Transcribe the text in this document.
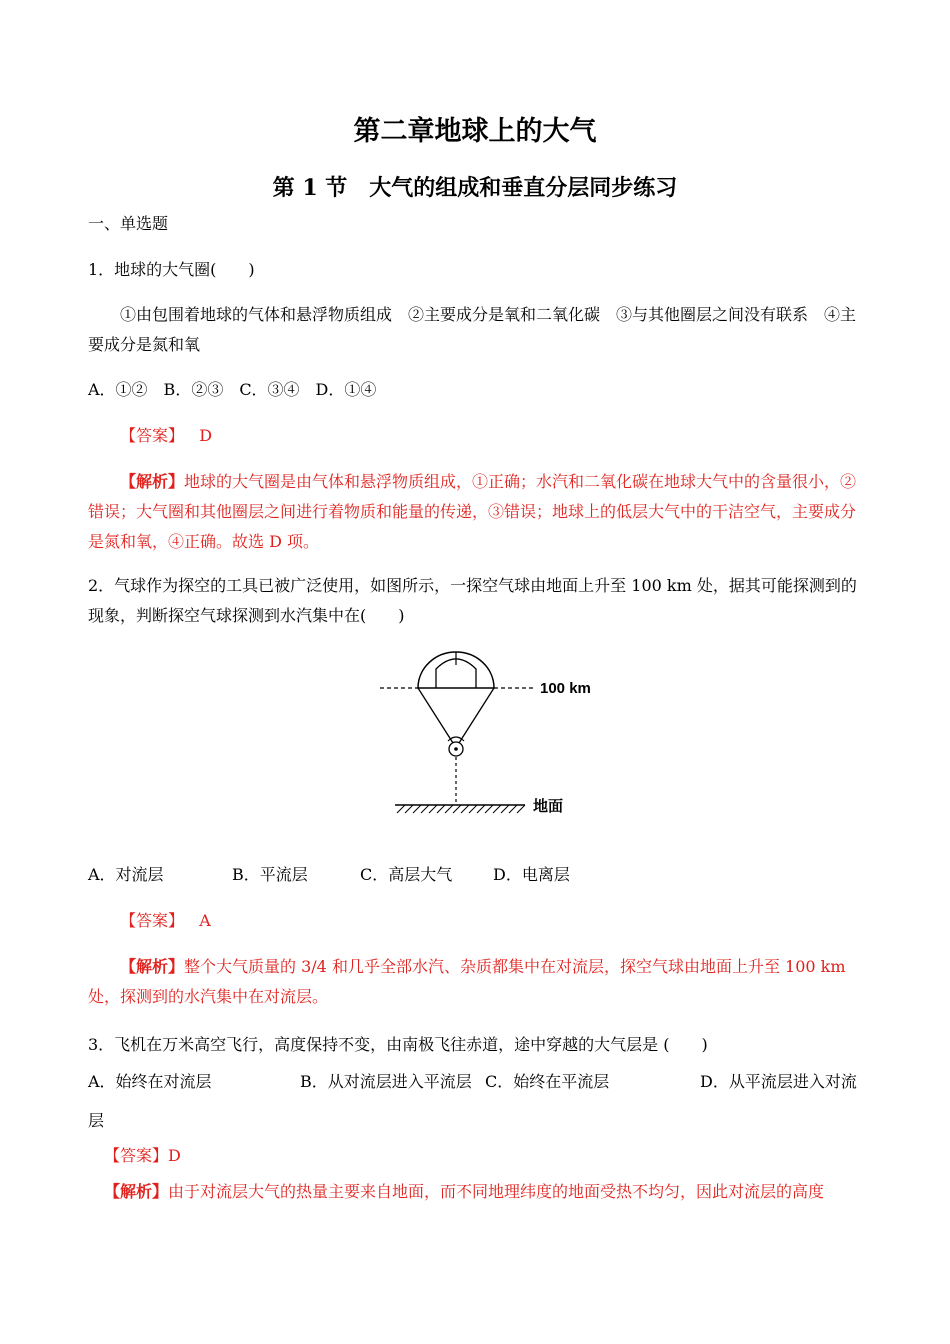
第二章地球上的大气
第 1 节　大气的组成和垂直分层同步练习
一、单选题
1．地球的大气圈(　　)
①由包围着地球的气体和悬浮物质组成　②主要成分是氧和二氧化碳　③与其他圈层之间没有联系　④主要成分是氮和氧
A．①②　B．②③　C．③④　D．①④
【答案】 D
【解析】地球的大气圈是由气体和悬浮物质组成，①正确；水汽和二氧化碳在地球大气中的含量很小，②错误；大气圈和其他圈层之间进行着物质和能量的传递，③错误；地球上的低层大气中的干洁空气，主要成分是氮和氧，④正确。故选 D 项。
2．气球作为探空的工具已被广泛使用，如图所示，一探空气球由地面上升至 100 km 处，据其可能探测到的现象，判断探空气球探测到水汽集中在(　　)
100 km
地面
A．对流层	B．平流层	C．高层大气	D．电离层
【答案】 A
【解析】整个大气质量的 3/4 和几乎全部水汽、杂质都集中在对流层，探空气球由地面上升至 100 km 处，探测到的水汽集中在对流层。
3．飞机在万米高空飞行，高度保持不变，由南极飞往赤道，途中穿越的大气层是 (　　)
A．始终在对流层	B．从对流层进入平流层 C．始终在平流层	D．从平流层进入对流
层
【答案】D
【解析】由于对流层大气的热量主要来自地面，而不同地理纬度的地面受热不均匀，因此对流层的高度
